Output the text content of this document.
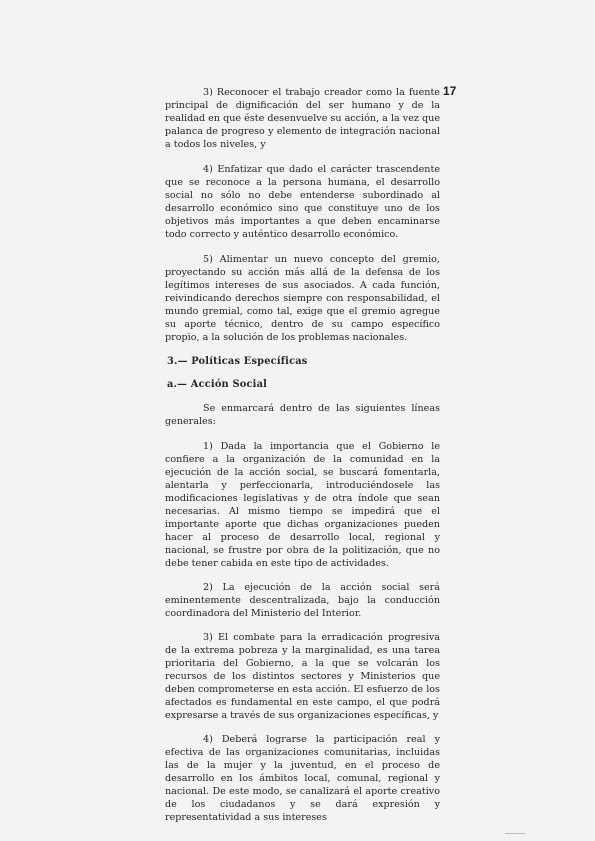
17

3) Reconocer el trabajo creador como la fuente principal de dignificación del ser humano y de la realidad en que éste desenvuelve su acción, a la vez que palanca de progreso y elemento de integración nacional a todos los niveles, y

4) Enfatizar que dado el carácter trascendente que se reconoce a la persona humana, el desarrollo social no sólo no debe entenderse subordinado al desarrollo económico sino que constituye uno de los objetivos más importantes a que deben encaminarse todo correcto y auténtico desarrollo económico.

5) Alimentar un nuevo concepto del gremio, proyectando su acción más allá de la defensa de los legítimos intereses de sus asociados. A cada función, reivindicando derechos siempre con responsabilidad, el mundo gremial, como tal, exige que el gremio agregue su aporte técnico, dentro de su campo específico propio, a la solución de los problemas nacionales.

3.— Políticas Específicas

a.— Acción Social

Se enmarcará dentro de las siguientes líneas generales:

1) Dada la importancia que el Gobierno le confiere a la organización de la comunidad en la ejecución de la acción social, se buscará fomentarla, alentarla y perfeccionarla, introduciéndosele las modificaciones legislativas y de otra índole que sean necesarias. Al mismo tiempo se impedirá que el importante aporte que dichas organizaciones pueden hacer al proceso de desarrollo local, regional y nacional, se frustre por obra de la politización, que no debe tener cabida en este tipo de actividades.

2) La ejecución de la acción social será eminentemente descentralizada, bajo la conducción coordinadora del Ministerio del Interior.

3) El combate para la erradicación progresiva de la extrema pobreza y la marginalidad, es una tarea prioritaria del Gobierno, a la que se volcarán los recursos de los distintos sectores y Ministerios que deben comprometerse en esta acción. El esfuerzo de los afectados es fundamental en este campo, el que podrá expresarse a través de sus organizaciones específicas, y

4) Deberá lograrse la participación real y efectiva de las organizaciones comunitarias, incluidas las de la mujer y la juventud, en el proceso de desarrollo en los ámbitos local, comunal, regional y nacional. De este modo, se canalizará el aporte creativo de los ciudadanos y se dará expresión y representatividad a sus intereses
